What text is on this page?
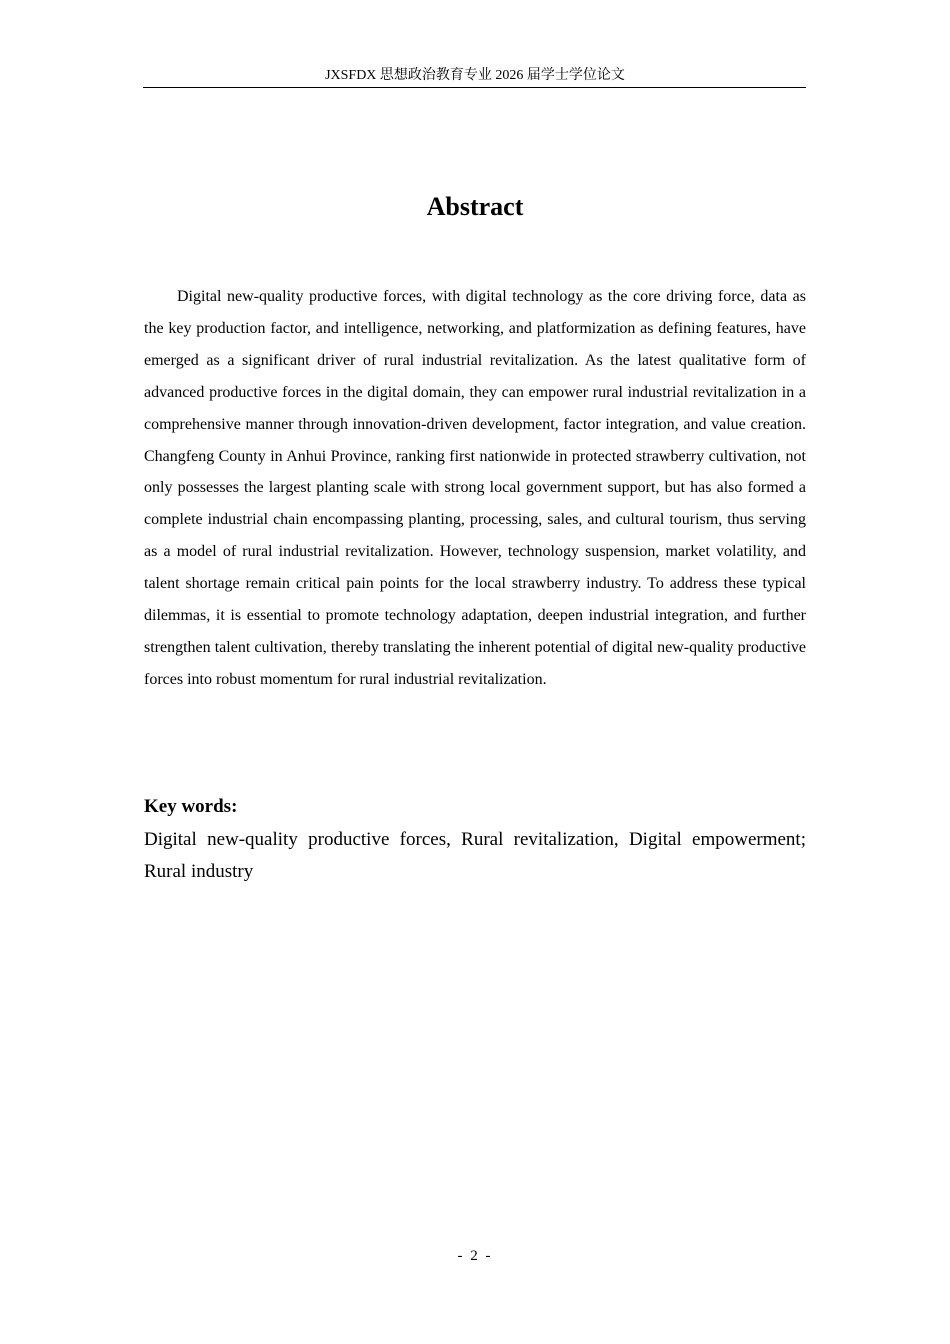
JXSFDX 思想政治教育专业 2026 届学士学位论文
Abstract

Digital new-quality productive forces, with digital technology as the core driving force, data as the key production factor, and intelligence, networking, and platformization as defining features, have emerged as a significant driver of rural industrial revitalization. As the latest qualitative form of advanced productive forces in the digital domain, they can empower rural industrial revitalization in a comprehensive manner through innovation-driven development, factor integration, and value creation. Changfeng County in Anhui Province, ranking first nationwide in protected strawberry cultivation, not only possesses the largest planting scale with strong local government support, but has also formed a complete industrial chain encompassing planting, processing, sales, and cultural tourism, thus serving as a model of rural industrial revitalization. However, technology suspension, market volatility, and talent shortage remain critical pain points for the local strawberry industry. To address these typical dilemmas, it is essential to promote technology adaptation, deepen industrial integration, and further strengthen talent cultivation, thereby translating the inherent potential of digital new-quality productive forces into robust momentum for rural industrial revitalization.

Key words:

Digital new-quality productive forces, Rural revitalization, Digital empowerment; Rural industry

- 2 -
